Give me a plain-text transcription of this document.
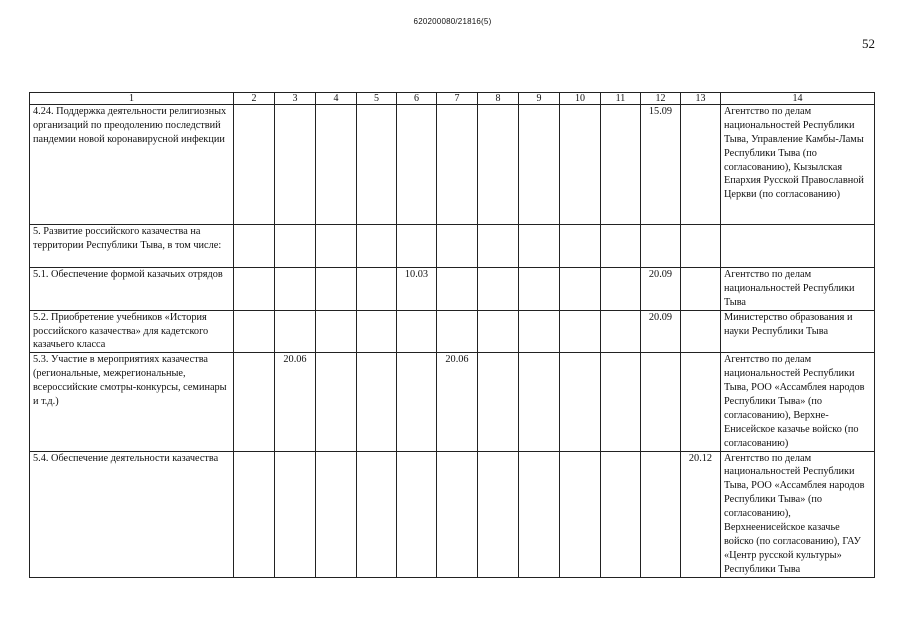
620200080/21816(5)
52
1	2	3	4	5	6	7	8	9	10	11	12	13	14
4.24. Поддержка деятельности религиозных организаций по преодолению последствий пандемии новой коронавирусной инфекции											15.09		Агентство по делам национальностей Республики Тыва, Управление Камбы-Ламы Республики Тыва (по согласованию), Кызылская Епархия Русской Православной Церкви (по согласованию)
5. Развитие российского казачества на территории Республики Тыва, в том числе:													
5.1. Обеспечение формой казачьих отрядов					10.03						20.09		Агентство по делам национальностей Республики Тыва
5.2. Приобретение учебников «История российского казачества» для кадетского казачьего класса											20.09		Министерство образования и науки Республики Тыва
5.3. Участие в мероприятиях казачества (региональные, межрегиональные, всероссийские смотры-конкурсы, семинары и т.д.)		20.06				20.06							Агентство по делам национальностей Республики Тыва, РОО «Ассамблея народов Республики Тыва» (по согласованию), Верхне-Енисейское казачье войско (по согласованию)
5.4. Обеспечение деятельности казачества												20.12	Агентство по делам национальностей Республики Тыва, РОО «Ассамблея народов Республики Тыва» (по согласованию), Верхнеенисейское казачье войско (по согласованию), ГАУ «Центр русской культуры» Республики Тыва
